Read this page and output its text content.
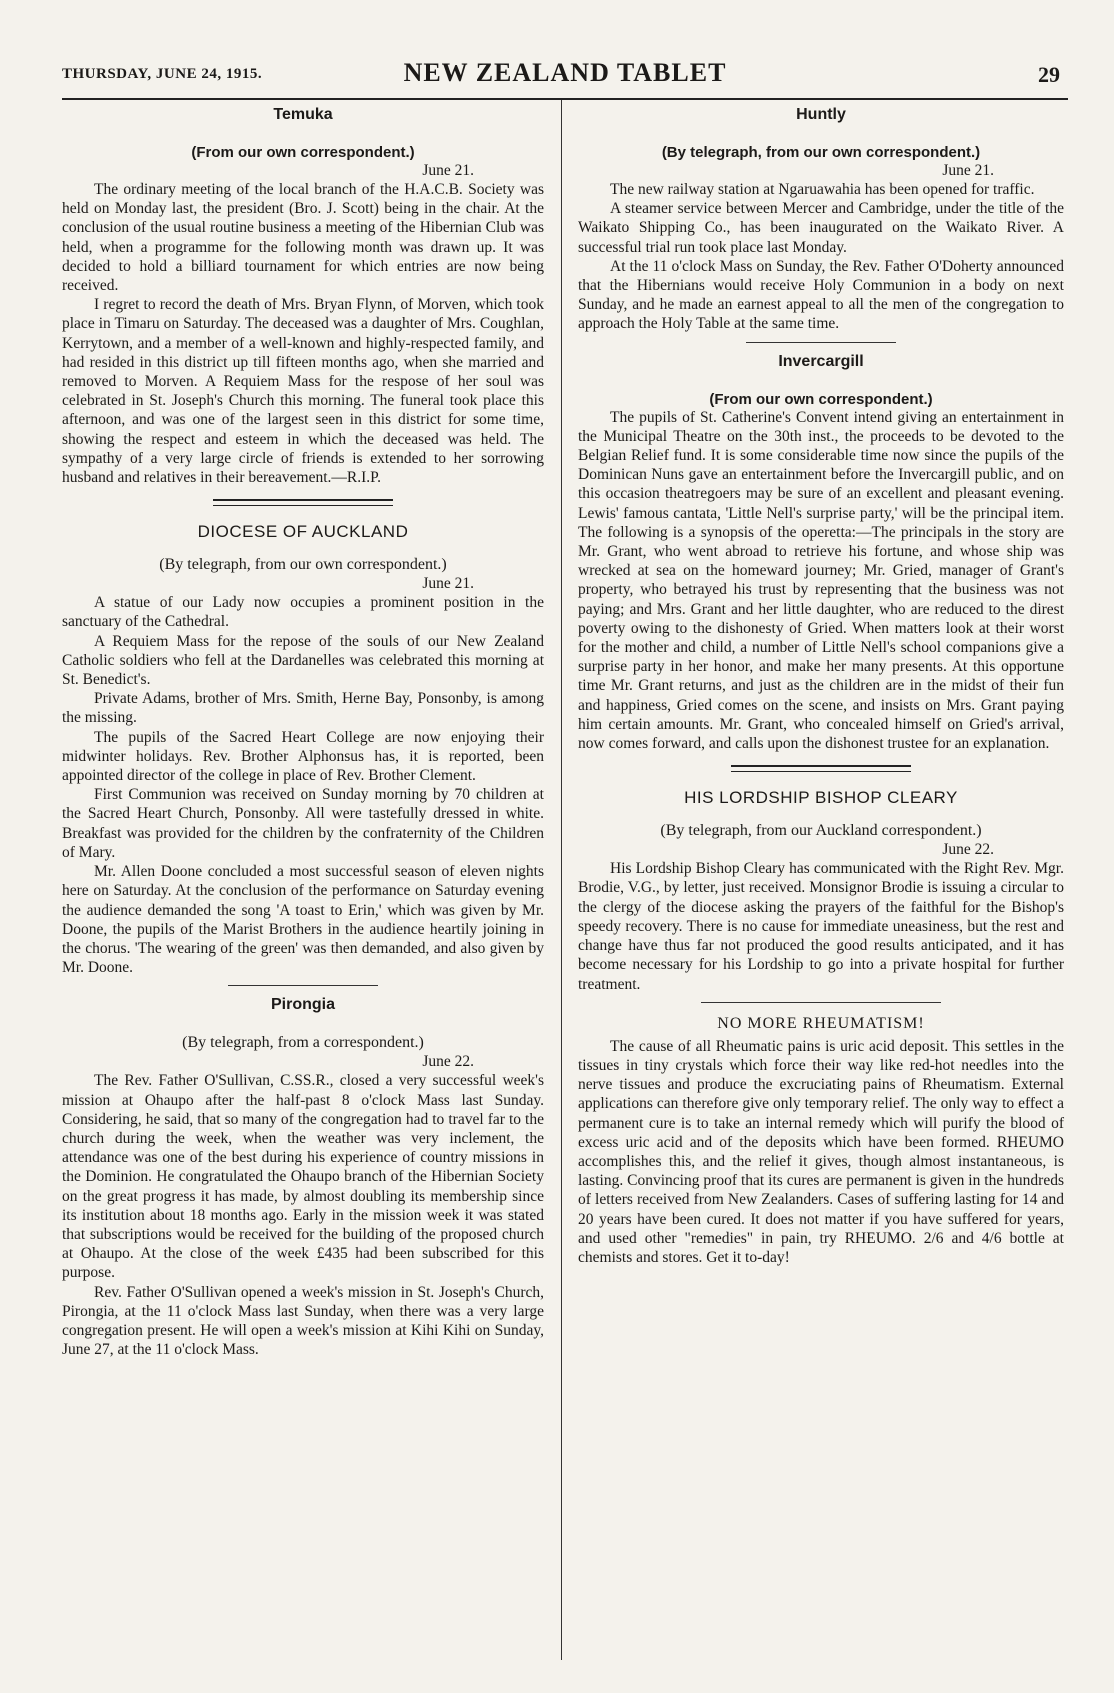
THURSDAY, JUNE 24, 1915.	NEW ZEALAND TABLET	29
Temuka

(From our own correspondent.)

June 21.

The ordinary meeting of the local branch of the H.A.C.B. Society was held on Monday last, the president (Bro. J. Scott) being in the chair. At the conclusion of the usual routine business a meeting of the Hibernian Club was held, when a programme for the following month was drawn up. It was decided to hold a billiard tournament for which entries are now being received.

I regret to record the death of Mrs. Bryan Flynn, of Morven, which took place in Timaru on Saturday. The deceased was a daughter of Mrs. Coughlan, Kerrytown, and a member of a well-known and highly-respected family, and had resided in this district up till fifteen months ago, when she married and removed to Morven. A Requiem Mass for the respose of her soul was celebrated in St. Joseph's Church this morning. The funeral took place this afternoon, and was one of the largest seen in this district for some time, showing the respect and esteem in which the deceased was held. The sympathy of a very large circle of friends is extended to her sorrowing husband and relatives in their bereavement.—R.I.P.

DIOCESE OF AUCKLAND

(By telegraph, from our own correspondent.)

June 21.

A statue of our Lady now occupies a prominent position in the sanctuary of the Cathedral.

A Requiem Mass for the repose of the souls of our New Zealand Catholic soldiers who fell at the Dardanelles was celebrated this morning at St. Benedict's.

Private Adams, brother of Mrs. Smith, Herne Bay, Ponsonby, is among the missing.

The pupils of the Sacred Heart College are now enjoying their midwinter holidays. Rev. Brother Alphonsus has, it is reported, been appointed director of the college in place of Rev. Brother Clement.

First Communion was received on Sunday morning by 70 children at the Sacred Heart Church, Ponsonby. All were tastefully dressed in white. Breakfast was provided for the children by the confraternity of the Children of Mary.

Mr. Allen Doone concluded a most successful season of eleven nights here on Saturday. At the conclusion of the performance on Saturday evening the audience demanded the song 'A toast to Erin,' which was given by Mr. Doone, the pupils of the Marist Brothers in the audience heartily joining in the chorus. 'The wearing of the green' was then demanded, and also given by Mr. Doone.

Pirongia

(By telegraph, from a correspondent.)

June 22.

The Rev. Father O'Sullivan, C.SS.R., closed a very successful week's mission at Ohaupo after the half-past 8 o'clock Mass last Sunday. Considering, he said, that so many of the congregation had to travel far to the church during the week, when the weather was very inclement, the attendance was one of the best during his experience of country missions in the Dominion. He congratulated the Ohaupo branch of the Hibernian Society on the great progress it has made, by almost doubling its membership since its institution about 18 months ago. Early in the mission week it was stated that subscriptions would be received for the building of the proposed church at Ohaupo. At the close of the week £435 had been subscribed for this purpose.

Rev. Father O'Sullivan opened a week's mission in St. Joseph's Church, Pirongia, at the 11 o'clock Mass last Sunday, when there was a very large congregation present. He will open a week's mission at Kihi Kihi on Sunday, June 27, at the 11 o'clock Mass.

Huntly

(By telegraph, from our own correspondent.)

June 21.

The new railway station at Ngaruawahia has been opened for traffic.

A steamer service between Mercer and Cambridge, under the title of the Waikato Shipping Co., has been inaugurated on the Waikato River. A successful trial run took place last Monday.

At the 11 o'clock Mass on Sunday, the Rev. Father O'Doherty announced that the Hibernians would receive Holy Communion in a body on next Sunday, and he made an earnest appeal to all the men of the congregation to approach the Holy Table at the same time.

Invercargill

(From our own correspondent.)

The pupils of St. Catherine's Convent intend giving an entertainment in the Municipal Theatre on the 30th inst., the proceeds to be devoted to the Belgian Relief fund. It is some considerable time now since the pupils of the Dominican Nuns gave an entertainment before the Invercargill public, and on this occasion theatregoers may be sure of an excellent and pleasant evening. Lewis' famous cantata, 'Little Nell's surprise party,' will be the principal item. The following is a synopsis of the operetta:—The principals in the story are Mr. Grant, who went abroad to retrieve his fortune, and whose ship was wrecked at sea on the homeward journey; Mr. Gried, manager of Grant's property, who betrayed his trust by representing that the business was not paying; and Mrs. Grant and her little daughter, who are reduced to the direst poverty owing to the dishonesty of Gried. When matters look at their worst for the mother and child, a number of Little Nell's school companions give a surprise party in her honor, and make her many presents. At this opportune time Mr. Grant returns, and just as the children are in the midst of their fun and happiness, Gried comes on the scene, and insists on Mrs. Grant paying him certain amounts. Mr. Grant, who concealed himself on Gried's arrival, now comes forward, and calls upon the dishonest trustee for an explanation.

HIS LORDSHIP BISHOP CLEARY

(By telegraph, from our Auckland correspondent.)

June 22.

His Lordship Bishop Cleary has communicated with the Right Rev. Mgr. Brodie, V.G., by letter, just received. Monsignor Brodie is issuing a circular to the clergy of the diocese asking the prayers of the faithful for the Bishop's speedy recovery. There is no cause for immediate uneasiness, but the rest and change have thus far not produced the good results anticipated, and it has become necessary for his Lordship to go into a private hospital for further treatment.

NO MORE RHEUMATISM!

The cause of all Rheumatic pains is uric acid deposit. This settles in the tissues in tiny crystals which force their way like red-hot needles into the nerve tissues and produce the excruciating pains of Rheumatism. External applications can therefore give only temporary relief. The only way to effect a permanent cure is to take an internal remedy which will purify the blood of excess uric acid and of the deposits which have been formed. RHEUMO accomplishes this, and the relief it gives, though almost instantaneous, is lasting. Convincing proof that its cures are permanent is given in the hundreds of letters received from New Zealanders. Cases of suffering lasting for 14 and 20 years have been cured. It does not matter if you have suffered for years, and used other "remedies" in pain, try RHEUMO. 2/6 and 4/6 bottle at chemists and stores. Get it to-day!
